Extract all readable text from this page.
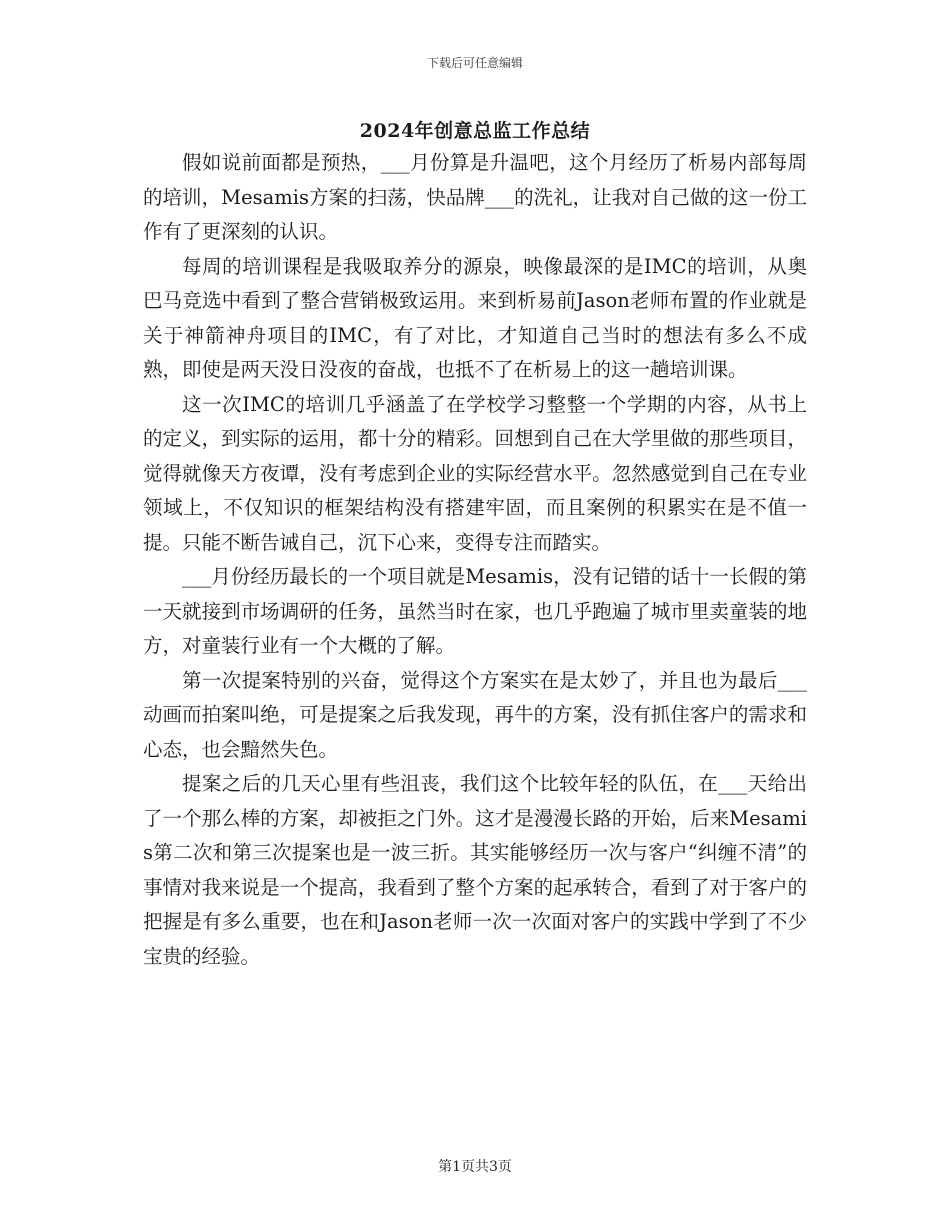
下载后可任意编辑
2024年创意总监工作总结

假如说前面都是预热，___月份算是升温吧，这个月经历了析易内部每周的培训，Mesamis方案的扫荡，快品牌___的洗礼，让我对自己做的这一份工作有了更深刻的认识。

每周的培训课程是我吸取养分的源泉，映像最深的是IMC的培训，从奥巴马竞选中看到了整合营销极致运用。来到析易前Jason老师布置的作业就是关于神箭神舟项目的IMC，有了对比，才知道自己当时的想法有多么不成熟，即使是两天没日没夜的奋战，也抵不了在析易上的这一趟培训课。

这一次IMC的培训几乎涵盖了在学校学习整整一个学期的内容，从书上的定义，到实际的运用，都十分的精彩。回想到自己在大学里做的那些项目，觉得就像天方夜谭，没有考虑到企业的实际经营水平。忽然感觉到自己在专业领域上，不仅知识的框架结构没有搭建牢固，而且案例的积累实在是不值一提。只能不断告诫自己，沉下心来，变得专注而踏实。

___月份经历最长的一个项目就是Mesamis，没有记错的话十一长假的第一天就接到市场调研的任务，虽然当时在家，也几乎跑遍了城市里卖童装的地方，对童装行业有一个大概的了解。

第一次提案特别的兴奋，觉得这个方案实在是太妙了，并且也为最后___动画而拍案叫绝，可是提案之后我发现，再牛的方案，没有抓住客户的需求和心态，也会黯然失色。

提案之后的几天心里有些沮丧，我们这个比较年轻的队伍，在___天给出了一个那么棒的方案，却被拒之门外。这才是漫漫长路的开始，后来Mesamis第二次和第三次提案也是一波三折。其实能够经历一次与客户“纠缠不清”的事情对我来说是一个提高，我看到了整个方案的起承转合，看到了对于客户的把握是有多么重要，也在和Jason老师一次一次面对客户的实践中学到了不少宝贵的经验。

第1页共3页
